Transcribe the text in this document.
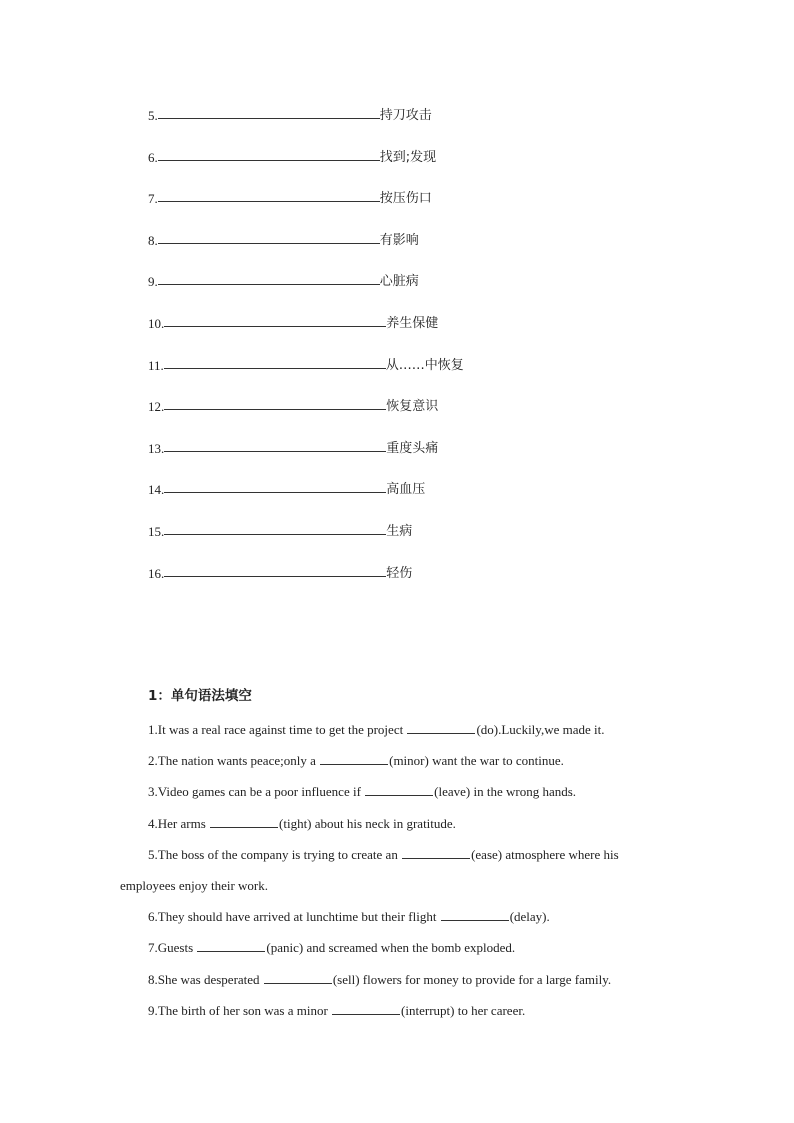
5.	持刀攻击
6.	找到;发现
7.	按压伤口
8.	有影响
9.	心脏病
10.	养生保健
11.	从……中恢复
12.	恢复意识
13.	重度头痛
14.	高血压
15.	生病
16.	轻伤
1：单句语法填空
1.It was a real race against time to get the project	(do).Luckily,we made it.
2.The nation wants peace;only a	(minor) want the war to continue.
3.Video games can be a poor influence if	(leave) in the wrong hands.
4.Her arms	(tight) about his neck in gratitude.
5.The boss of the company is trying to create an	(ease) atmosphere where his
employees enjoy their work.
6.They should have arrived at lunchtime but their flight	(delay).
7.Guests	(panic) and screamed when the bomb exploded.
8.She was desperated	(sell) flowers for money to provide for a large family.
9.The birth of her son was a minor	(interrupt) to her career.
